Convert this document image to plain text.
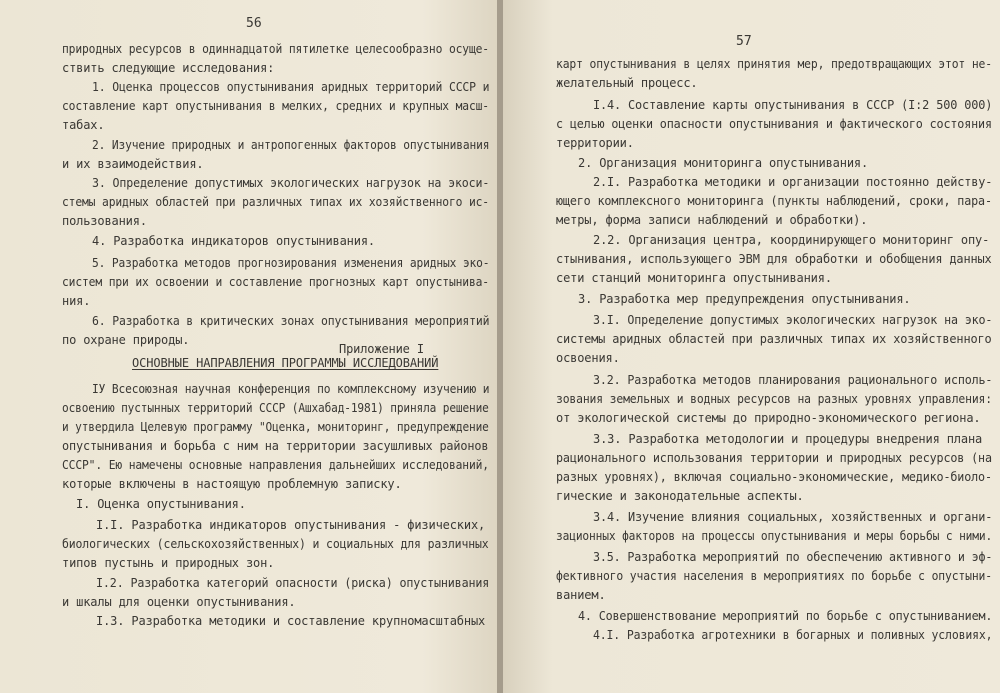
56
природных ресурсов в одиннадцатой пятилетке целесообразно осуще-
ствить следующие исследования:
1. Оценка процессов опустынивания аридных территорий СССР и
составление карт опустынивания в мелких, средних и крупных масш-
табах.
2. Изучение природных и антропогенных факторов опустынивания
и их взаимодействия.
3. Определение допустимых экологических нагрузок на экоси-
стемы аридных областей при различных типах их хозяйственного ис-
пользования.
4. Разработка индикаторов опустынивания.
5. Разработка методов прогнозирования изменения аридных эко-
систем при их освоении и составление прогнозных карт опустынива-
ния.
6. Разработка в критических зонах опустынивания мероприятий
по охране природы.
Приложение I
ОСНОВНЫЕ НАПРАВЛЕНИЯ ПРОГРАММЫ ИССЛЕДОВАНИЙ
IУ Всесоюзная научная конференция по комплексному изучению и
освоению пустынных территорий СССР (Ашхабад-1981) приняла решение
и утвердила Целевую программу "Оценка, мониторинг, предупреждение
опустынивания и борьба с ним на территории засушливых районов
СССР". Ею намечены основные направления дальнейших исследований,
которые включены в настоящую проблемную записку.
I. Оценка опустынивания.
I.I. Разработка индикаторов опустынивания - физических,
биологических (сельскохозяйственных) и социальных для различных
типов пустынь и природных зон.
I.2. Разработка категорий опасности (риска) опустынивания
и шкалы для оценки опустынивания.
I.3. Разработка методики и составление крупномасштабных
57
карт опустынивания в целях принятия мер, предотвращающих этот не-
желательный процесс.
I.4. Составление карты опустынивания в СССР (I:2 500 000)
с целью оценки опасности опустынивания и фактического состояния
территории.
2. Организация мониторинга опустынивания.
2.I. Разработка методики и организации постоянно действу-
ющего комплексного мониторинга (пункты наблюдений, сроки, пара-
метры, форма записи наблюдений и обработки).
2.2. Организация центра, координирующего мониторинг опу-
стынивания, использующего ЭВМ для обработки и обобщения данных
сети станций мониторинга опустынивания.
3. Разработка мер предупреждения опустынивания.
3.I. Определение допустимых экологических нагрузок на эко-
системы аридных областей при различных типах их хозяйственного
освоения.
3.2. Разработка методов планирования рационального исполь-
зования земельных и водных ресурсов на разных уровнях управления:
от экологической системы до природно-экономического региона.
3.3. Разработка методологии и процедуры внедрения плана
рационального использования территории и природных ресурсов (на
разных уровнях), включая социально-экономические, медико-биоло-
гические и законодательные аспекты.
3.4. Изучение влияния социальных, хозяйственных и органи-
зационных факторов на процессы опустынивания и меры борьбы с ними.
3.5. Разработка мероприятий по обеспечению активного и эф-
фективного участия населения в мероприятиях по борьбе с опустыни-
ванием.
4. Совершенствование мероприятий по борьбе с опустыниванием.
4.I. Разработка агротехники в богарных и поливных условиях,
